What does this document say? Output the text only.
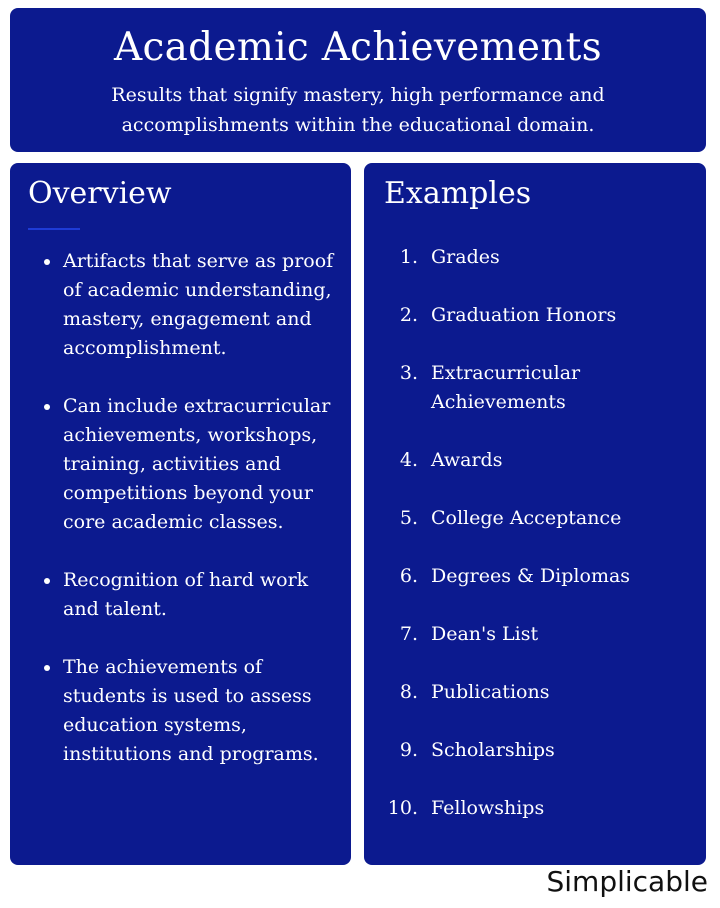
Academic Achievements

Results that signify mastery, high performance and
accomplishments within the educational domain.

Overview
Artifacts that serve as proof of academic understanding, mastery, engagement and accomplishment.
Can include extracurricular achievements, workshops, training, activities and competitions beyond your core academic classes.
Recognition of hard work and talent.
The achievements of students is used to assess education systems, institutions and programs.
Examples
1. Grades
2. Graduation Honors
3. Extracurricular Achievements
4. Awards
5. College Acceptance
6. Degrees & Diplomas
7. Dean's List
8. Publications
9. Scholarships
10. Fellowships
Simplicable
